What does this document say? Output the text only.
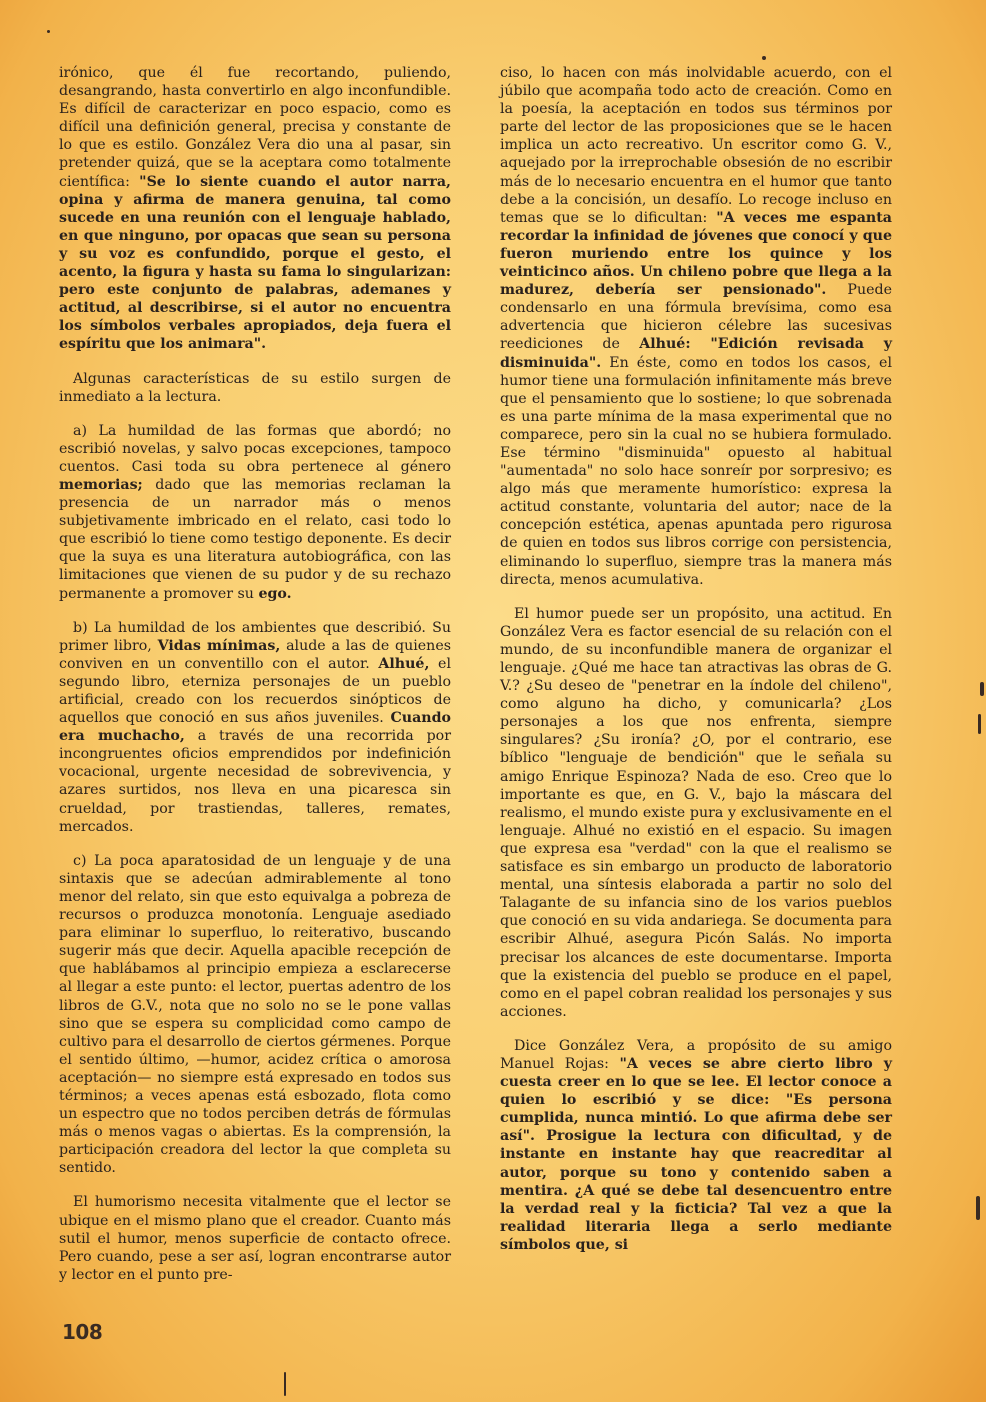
irónico, que él fue recortando, puliendo, desangrando, hasta convertirlo en algo inconfundible. Es difícil de caracterizar en poco espacio, como es difícil una definición general, precisa y constante de lo que es estilo. González Vera dio una al pasar, sin pretender quizá, que se la aceptara como totalmente científica: "Se lo siente cuando el autor narra, opina y afirma de manera genuina, tal como sucede en una reunión con el lenguaje hablado, en que ninguno, por opacas que sean su persona y su voz es confundido, porque el gesto, el acento, la figura y hasta su fama lo singularizan: pero este conjunto de palabras, ademanes y actitud, al describirse, si el autor no encuentra los símbolos verbales apropiados, deja fuera el espíritu que los animara".

Algunas características de su estilo surgen de inmediato a la lectura.

a) La humildad de las formas que abordó; no escribió novelas, y salvo pocas excepciones, tampoco cuentos. Casi toda su obra pertenece al género memorias; dado que las memorias reclaman la presencia de un narrador más o menos subjetivamente imbricado en el relato, casi todo lo que escribió lo tiene como testigo deponente. Es decir que la suya es una literatura autobiográfica, con las limitaciones que vienen de su pudor y de su rechazo permanente a promover su ego.

b) La humildad de los ambientes que describió. Su primer libro, Vidas mínimas, alude a las de quienes conviven en un conventillo con el autor. Alhué, el segundo libro, eterniza personajes de un pueblo artificial, creado con los recuerdos sinópticos de aquellos que conoció en sus años juveniles. Cuando era muchacho, a través de una recorrida por incongruentes oficios emprendidos por indefinición vocacional, urgente necesidad de sobrevivencia, y azares surtidos, nos lleva en una picaresca sin crueldad, por trastiendas, talleres, remates, mercados.

c) La poca aparatosidad de un lenguaje y de una sintaxis que se adecúan admirablemente al tono menor del relato, sin que esto equivalga a pobreza de recursos o produzca monotonía. Lenguaje asediado para eliminar lo superfluo, lo reiterativo, buscando sugerir más que decir. Aquella apacible recepción de que hablábamos al principio empieza a esclarecerse al llegar a este punto: el lector, puertas adentro de los libros de G.V., nota que no solo no se le pone vallas sino que se espera su complicidad como campo de cultivo para el desarrollo de ciertos gérmenes. Porque el sentido último, —humor, acidez crítica o amorosa aceptación— no siempre está expresado en todos sus términos; a veces apenas está esbozado, flota como un espectro que no todos perciben detrás de fórmulas más o menos vagas o abiertas. Es la comprensión, la participación creadora del lector la que completa su sentido.

El humorismo necesita vitalmente que el lector se ubique en el mismo plano que el creador. Cuanto más sutil el humor, menos superficie de contacto ofrece. Pero cuando, pese a ser así, logran encontrarse autor y lector en el punto pre-

ciso, lo hacen con más inolvidable acuerdo, con el júbilo que acompaña todo acto de creación. Como en la poesía, la aceptación en todos sus términos por parte del lector de las proposiciones que se le hacen implica un acto recreativo. Un escritor como G. V., aquejado por la irreprochable obsesión de no escribir más de lo necesario encuentra en el humor que tanto debe a la concisión, un desafío. Lo recoge incluso en temas que se lo dificultan: "A veces me espanta recordar la infinidad de jóvenes que conocí y que fueron muriendo entre los quince y los veinticinco años. Un chileno pobre que llega a la madurez, debería ser pensionado". Puede condensarlo en una fórmula brevísima, como esa advertencia que hicieron célebre las sucesivas reediciones de Alhué: "Edición revisada y disminuida". En éste, como en todos los casos, el humor tiene una formulación infinitamente más breve que el pensamiento que lo sostiene; lo que sobrenada es una parte mínima de la masa experimental que no comparece, pero sin la cual no se hubiera formulado. Ese término "disminuida" opuesto al habitual "aumentada" no solo hace sonreír por sorpresivo; es algo más que meramente humorístico: expresa la actitud constante, voluntaria del autor; nace de la concepción estética, apenas apuntada pero rigurosa de quien en todos sus libros corrige con persistencia, eliminando lo superfluo, siempre tras la manera más directa, menos acumulativa.

El humor puede ser un propósito, una actitud. En González Vera es factor esencial de su relación con el mundo, de su inconfundible manera de organizar el lenguaje. ¿Qué me hace tan atractivas las obras de G. V.? ¿Su deseo de "penetrar en la índole del chileno", como alguno ha dicho, y comunicarla? ¿Los personajes a los que nos enfrenta, siempre singulares? ¿Su ironía? ¿O, por el contrario, ese bíblico "lenguaje de bendición" que le señala su amigo Enrique Espinoza? Nada de eso. Creo que lo importante es que, en G. V., bajo la máscara del realismo, el mundo existe pura y exclusivamente en el lenguaje. Alhué no existió en el espacio. Su imagen que expresa esa "verdad" con la que el realismo se satisface es sin embargo un producto de laboratorio mental, una síntesis elaborada a partir no solo del Talagante de su infancia sino de los varios pueblos que conoció en su vida andariega. Se documenta para escribir Alhué, asegura Picón Salás. No importa precisar los alcances de este documentarse. Importa que la existencia del pueblo se produce en el papel, como en el papel cobran realidad los personajes y sus acciones.

Dice González Vera, a propósito de su amigo Manuel Rojas: "A veces se abre cierto libro y cuesta creer en lo que se lee. El lector conoce a quien lo escribió y se dice: "Es persona cumplida, nunca mintió. Lo que afirma debe ser así". Prosigue la lectura con dificultad, y de instante en instante hay que reacreditar al autor, porque su tono y contenido saben a mentira. ¿A qué se debe tal desencuentro entre la verdad real y la ficticia? Tal vez a que la realidad literaria llega a serlo mediante símbolos que, si

108
